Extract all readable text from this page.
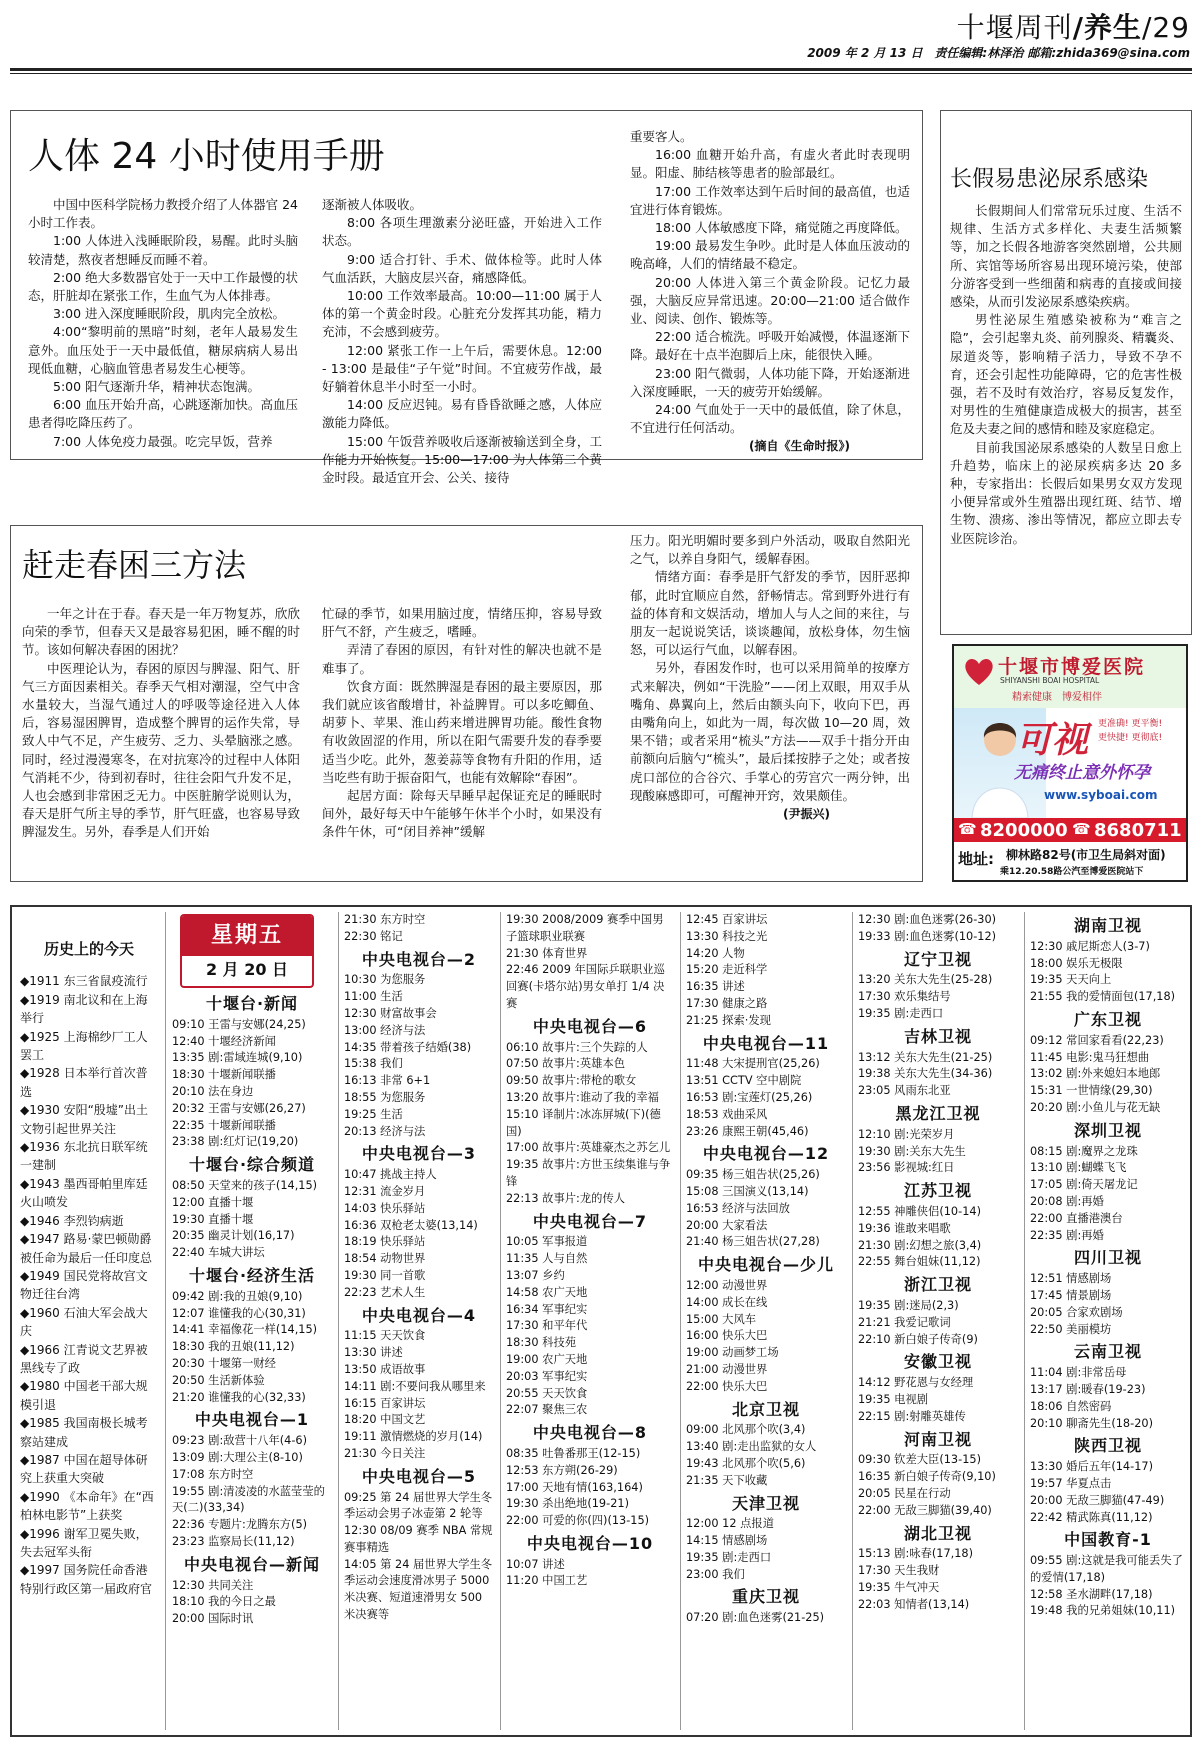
十堰周刊/养生/29
2009 年 2 月 13 日　责任编辑:林泽治 邮箱:zhida369@sina.com
人体 24 小时使用手册

中国中医科学院杨力教授介绍了人体器官 24 小时工作表。

1:00 人体进入浅睡眠阶段，易醒。此时头脑较清楚，熬夜者想睡反而睡不着。

2:00 绝大多数器官处于一天中工作最慢的状态，肝脏却在紧张工作，生血气为人体排毒。

3:00 进入深度睡眠阶段，肌肉完全放松。

4:00“黎明前的黑暗”时刻，老年人最易发生意外。血压处于一天中最低值，糖尿病病人易出现低血糖，心脑血管患者易发生心梗等。

5:00 阳气逐渐升华，精神状态饱满。

6:00 血压开始升高，心跳逐渐加快。高血压患者得吃降压药了。

7:00 人体免疫力最强。吃完早饭，营养

逐渐被人体吸收。

8:00 各项生理激素分泌旺盛，开始进入工作状态。

9:00 适合打针、手术、做体检等。此时人体气血活跃，大脑皮层兴奋，痛感降低。

10:00 工作效率最高。10:00—11:00 属于人体的第一个黄金时段。心脏充分发挥其功能，精力充沛，不会感到疲劳。

12:00 紧张工作一上午后，需要休息。12:00 - 13:00 是最佳“子午觉”时间。不宜疲劳作战，最好躺着休息半小时至一小时。

14:00 反应迟钝。易有昏昏欲睡之感，人体应激能力降低。

15:00 午饭营养吸收后逐渐被输送到全身，工作能力开始恢复。15:00—17:00 为人体第二个黄金时段。最适宜开会、公关、接待

重要客人。

16:00 血糖开始升高，有虚火者此时表现明显。阳虚、肺结核等患者的脸部最红。

17:00 工作效率达到午后时间的最高值，也适宜进行体育锻炼。

18:00 人体敏感度下降，痛觉随之再度降低。

19:00 最易发生争吵。此时是人体血压波动的晚高峰，人们的情绪最不稳定。

20:00 人体进入第三个黄金阶段。记忆力最强，大脑反应异常迅速。20:00—21:00 适合做作业、阅读、创作、锻炼等。

22:00 适合梳洗。呼吸开始减慢，体温逐渐下降。最好在十点半泡脚后上床，能很快入睡。

23:00 阳气微弱，人体功能下降，开始逐渐进入深度睡眠，一天的疲劳开始缓解。

24:00 气血处于一天中的最低值，除了休息，不宜进行任何活动。

(摘自《生命时报》)
长假易患泌尿系感染

长假期间人们常常玩乐过度、生活不规律、生活方式多样化、夫妻生活频繁等，加之长假各地游客突然剧增，公共厕所、宾馆等场所容易出现环境污染，使部分游客受到一些细菌和病毒的直接或间接感染，从而引发泌尿系感染疾病。

男性泌尿生殖感染被称为“难言之隐”，会引起睾丸炎、前列腺炎、精囊炎、尿道炎等，影响精子活力，导致不孕不育，还会引起性功能障碍，它的危害性极强，若不及时有效治疗，容易反复发作，对男性的生殖健康造成极大的损害，甚至危及夫妻之间的感情和睦及家庭稳定。

目前我国泌尿系感染的人数呈日愈上升趋势，临床上的泌尿疾病多达 20 多种，专家指出：长假后如果男女双方发现小便异常或外生殖器出现红斑、结节、增生物、溃疡、渗出等情况，都应立即去专业医院诊治。

十堰市博爱医院
SHIYANSHI BOAI HOSPITAL
精索健康　博爱相伴
可视 更准确! 更平衡!
更快捷! 更彻底!
无痛终止意外怀孕
www.syboai.com
☎ 8200000 ☎ 8680711
地址: 柳林路82号(市卫生局斜对面)
乘12.20.58路公汽至博爱医院站下
赶走春困三方法

一年之计在于春。春天是一年万物复苏，欣欣向荣的季节，但春天又是最容易犯困，睡不醒的时节。该如何解决春困的困扰？

中医理论认为，春困的原因与脾湿、阳气、肝气三方面因素相关。春季天气相对潮湿，空气中含水量较大，当湿气通过人的呼吸等途径进入人体后，容易湿困脾胃，造成整个脾胃的运作失常，导致人中气不足，产生疲劳、乏力、头晕脑涨之感。同时，经过漫漫寒冬，在对抗寒冷的过程中人体阳气消耗不少，待到初春时，往往会阳气升发不足，人也会感到非常困乏无力。中医脏腑学说则认为，春天是肝气所主导的季节，肝气旺盛，也容易导致脾湿发生。另外，春季是人们开始

忙碌的季节，如果用脑过度，情绪压抑，容易导致肝气不舒，产生疲乏，嗜睡。

弄清了春困的原因，有针对性的解决也就不是难事了。

饮食方面：既然脾湿是春困的最主要原因，那我们就应该省酸增甘，补益脾胃。可以多吃鲫鱼、胡萝卜、苹果、淮山药来增进脾胃功能。酸性食物有收敛固涩的作用，所以在阳气需要升发的春季要适当少吃。此外，葱姜蒜等食物有升阳的作用，适当吃些有助于振奋阳气，也能有效解除“春困”。

起居方面：除每天早睡早起保证充足的睡眠时间外，最好每天中午能够午休半个小时，如果没有条件午休，可“闭目养神”缓解

压力。阳光明媚时要多到户外活动，吸取自然阳光之气，以养自身阳气，缓解春困。

情绪方面：春季是肝气舒发的季节，因肝恶抑郁，此时宜顺应自然，舒畅情志。常到野外进行有益的体育和文娱活动，增加人与人之间的来往，与朋友一起说说笑话，谈谈趣闻，放松身体，勿生恼怒，可以运行气血，以解春困。

另外，春困发作时，也可以采用简单的按摩方式来解决，例如“干洗脸”——闭上双眼，用双手从嘴角、鼻翼向上，然后由额头向下，收向下巴，再由嘴角向上，如此为一周，每次做 10—20 周，效果不错；或者采用“梳头”方法——双手十指分开由前额向后脑勺“梳头”，最后揉按脖子之处；或者按虎口部位的合谷穴、手掌心的劳宫穴一两分钟，出现酸麻感即可，可醒神开窍，效果颇佳。

(尹振兴)
历史上的今天
◆1911 东三省鼠疫流行
◆1919 南北议和在上海举行
◆1925 上海棉纱厂工人罢工
◆1928 日本举行首次普选
◆1930 安阳“殷墟”出土文物引起世界关注
◆1936 东北抗日联军统一建制
◆1943 墨西哥帕里库廷火山喷发
◆1946 李烈钧病逝
◆1947 路易·蒙巴顿勋爵被任命为最后一任印度总
◆1949 国民党将故宫文物迁往台湾
◆1960 石油大军会战大庆
◆1966 江青说文艺界被黑线专了政
◆1980 中国老干部大规模引退
◆1985 我国南极长城考察站建成
◆1987 中国在超导体研究上获重大突破
◆1990 《本命年》在“西柏林电影节”上获奖
◆1996 谢军卫冕失败，失去冠军头衔
◆1997 国务院任命香港特别行政区第一届政府官
星期五
2 月 20 日
十堰台·新闻
09:10 王雷与安娜(24,25)
12:40 十堰经济新闻
13:35 剧:雷域连城(9,10)
18:30 十堰新闻联播
20:10 法在身边
20:32 王雷与安娜(26,27)
22:35 十堰新闻联播
23:38 剧:红灯记(19,20)
十堰台·综合频道
08:50 天堂来的孩子(14,15)
12:00 直播十堰
19:30 直播十堰
20:35 幽灵计划(16,17)
22:40 车城大讲坛
十堰台·经济生活
09:42 剧:我的丑娘(9,10)
12:07 谁懂我的心(30,31)
14:41 幸福像花一样(14,15)
18:30 我的丑娘(11,12)
20:30 十堰第一财经
20:50 生活新体验
21:20 谁懂我的心(32,33)
中央电视台—1
09:23 剧:敌营十八年(4-6)
13:09 剧:大理公主(8-10)
17:08 东方时空
19:55 剧:清凌凌的水蓝莹莹的天(二)(33,34)
22:36 专题片:龙腾东方(5)
23:23 监察局长(11,12)
中央电视台—新闻
12:30 共同关注
18:10 我的今日之最
20:00 国际时讯
21:30 东方时空
22:30 铭记
中央电视台—2
10:30 为您服务
11:00 生活
12:30 财富故事会
13:00 经济与法
14:35 带着孩子结婚(38)
15:38 我们
16:13 非常 6+1
18:55 为您服务
19:25 生活
20:13 经济与法
中央电视台—3
10:47 挑战主持人
12:31 流金岁月
14:03 快乐驿站
16:36 双枪老太婆(13,14)
18:19 快乐驿站
18:54 动物世界
19:30 同一首歌
22:23 艺术人生
中央电视台—4
11:15 天天饮食
13:30 讲述
13:50 成语故事
14:11 剧:不要问我从哪里来
16:15 百家讲坛
18:20 中国文艺
19:11 激情燃烧的岁月(14)
21:30 今日关注
中央电视台—5
09:25 第 24 届世界大学生冬季运动会男子冰壶第 2 轮等
12:30 08/09 赛季 NBA 常规赛事精选
14:05 第 24 届世界大学生冬季运动会速度滑冰男子 5000 米决赛、短道速滑男女 500 米决赛等
19:30 2008/2009 赛季中国男子篮球职业联赛
21:30 体育世界
22:46 2009 年国际乒联职业巡回赛(卡塔尔站)男女单打 1/4 决赛
中央电视台—6
06:10 故事片:三个失踪的人
07:50 故事片:英雄本色
09:50 故事片:带枪的歌女
13:20 故事片:谁动了我的幸福
15:10 译制片:冰冻屏城(下)(德国)
17:00 故事片:英雄豪杰之苏乞儿
19:35 故事片:方世玉续集谁与争锋
22:13 故事片:龙的传人
中央电视台—7
10:05 军事报道
11:35 人与自然
13:07 乡约
14:58 农广天地
16:34 军事纪实
17:30 和平年代
18:30 科技苑
19:00 农广天地
20:03 军事纪实
20:55 天天饮食
22:07 聚焦三农
中央电视台—8
08:35 吐鲁番那王(12-15)
12:53 东方朔(26-29)
17:00 天地有情(163,164)
19:30 杀出绝地(19-21)
22:00 可爱的你(四)(13-15)
中央电视台—10
10:07 讲述
11:20 中国工艺
12:45 百家讲坛
13:30 科技之光
14:20 人物
15:20 走近科学
16:35 讲述
17:30 健康之路
21:25 探索·发现
中央电视台—11
11:48 大宋提刑官(25,26)
13:51 CCTV 空中剧院
16:53 剧:宝莲灯(25,26)
18:53 戏曲采风
23:26 康熙王朝(45,46)
中央电视台—12
09:35 杨三姐告状(25,26)
15:08 三国演义(13,14)
16:53 经济与法回放
20:00 大家看法
21:40 杨三姐告状(27,28)
中央电视台—少儿
12:00 动漫世界
14:00 成长在线
15:00 大风车
16:00 快乐大巴
19:00 动画梦工场
21:00 动漫世界
22:00 快乐大巴
北京卫视
09:00 北风那个吹(3,4)
13:40 剧:走出监狱的女人
19:43 北风那个吹(5,6)
21:35 天下收藏
天津卫视
12:00 12 点报道
14:15 情感剧场
19:35 剧:走西口
23:00 我们
重庆卫视
07:20 剧:血色迷雾(21-25)
12:30 剧:血色迷雾(26-30)
19:33 剧:血色迷雾(10-12)
辽宁卫视
13:20 关东大先生(25-28)
17:30 欢乐集结号
19:35 剧:走西口
吉林卫视
13:12 关东大先生(21-25)
19:38 关东大先生(34-36)
23:05 风雨东北亚
黑龙江卫视
12:10 剧:光荣岁月
19:30 剧:关东大先生
23:56 影视城:红日
江苏卫视
12:55 神雕侠侣(10-14)
19:36 谁敢来唱歌
21:30 剧:幻想之旅(3,4)
22:55 舞台姐妹(11,12)
浙江卫视
19:35 剧:迷局(2,3)
21:21 我爱记歌词
22:10 新白娘子传奇(9)
安徽卫视
14:12 野花恩与女经理
19:35 电视剧
22:15 剧:射雕英雄传
河南卫视
09:30 钦差大臣(13-15)
16:35 新白娘子传奇(9,10)
20:05 民星在行动
22:00 无敌三脚猫(39,40)
湖北卫视
15:13 剧:咏春(17,18)
17:30 天生我财
19:35 牛气冲天
22:03 知情者(13,14)
湖南卫视
12:30 戚尼斯恋人(3-7)
18:00 娱乐无极限
19:35 天天向上
21:55 我的爱情面包(17,18)
广东卫视
09:12 常回家看看(22,23)
11:45 电影:鬼马狂想曲
13:02 剧:外来媳妇本地郎
15:31 一世情缘(29,30)
20:20 剧:小鱼儿与花无缺
深圳卫视
08:15 剧:魔界之龙珠
13:10 剧:蝴蝶飞飞
17:05 剧:倚天屠龙记
20:08 剧:再婚
22:00 直播港澳台
22:35 剧:再婚
四川卫视
12:51 情感剧场
17:45 情景剧场
20:05 合家欢剧场
22:50 美丽模坊
云南卫视
11:04 剧:非常岳母
13:17 剧:暖春(19-23)
18:06 自然密码
20:10 聊斋先生(18-20)
陕西卫视
13:30 婚后五年(14-17)
19:57 华夏点击
20:00 无敌三脚猫(47-49)
22:42 精武陈真(11,12)
中国教育-1
09:55 剧:这就是我可能丢失了的爱情(17,18)
12:58 圣水湖畔(17,18)
19:48 我的兄弟姐妹(10,11)
